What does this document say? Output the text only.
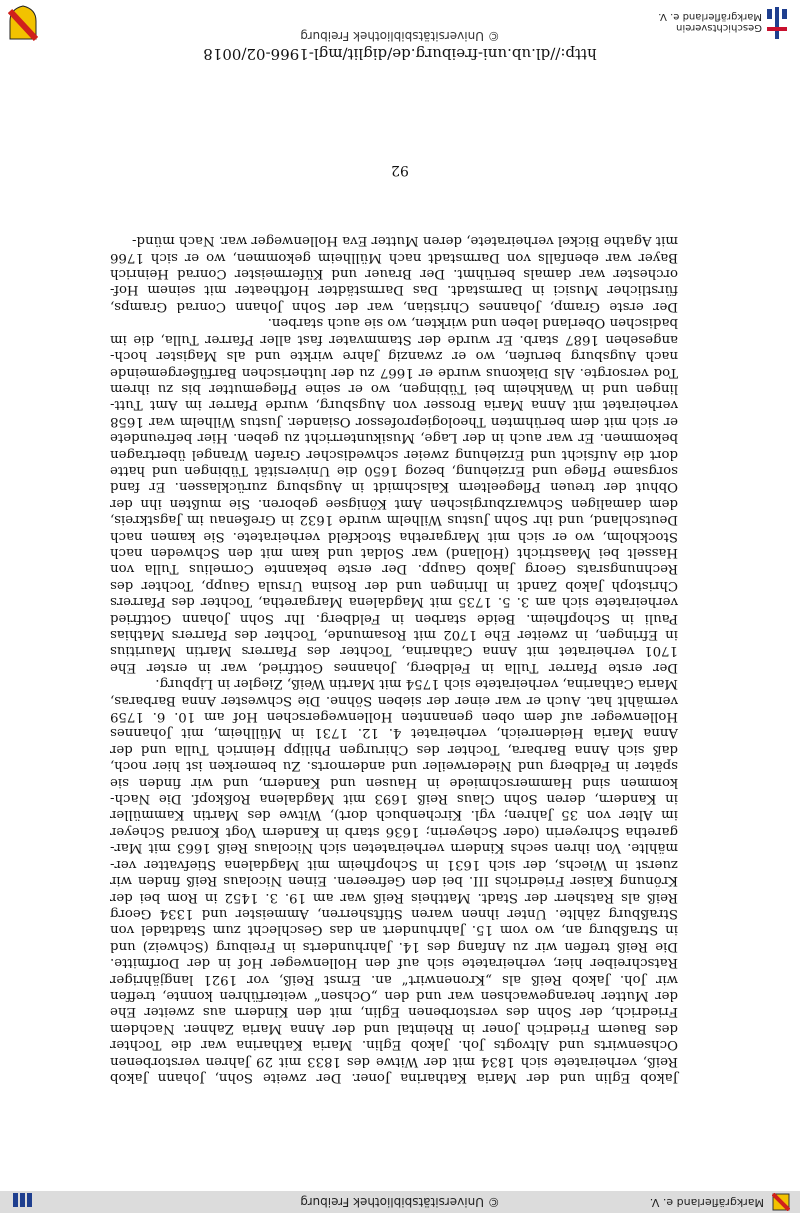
Markgräflerland e. V.
© Universitätsbibliothek Freiburg
Jakob Eglin und der Maria Katharina Joner. Der zweite Sohn, Johann Jakob
Reiß, verheiratete sich 1834 mit der Witwe des 1833 mit 29 Jahren verstorbenen
Ochsenwirts und Altvogts Joh. Jakob Eglin. Maria Katharina war die Tochter
des Bauern Friedrich Joner in Rheintal und der Anna Maria Zahner. Nachdem
Friedrich, der Sohn des verstorbenen Eglin, mit den Kindern aus zweiter Ehe
der Mutter herangewachsen war und den „Ochsen“ weiterführen konnte, treffen
wir Joh. Jakob Reiß als „Kronenwirt“ an. Ernst Reiß, vor 1921 langjähriger
Ratschreiber hier, verheiratete sich auf den Hollenweger Hof in der Dorfmitte.
Die Reiß treffen wir zu Anfang des 14. Jahrhunderts in Freiburg (Schweiz) und
in Straßburg an, wo vom 15. Jahrhundert an das Geschlecht zum Stadtadel von
Straßburg zählte. Unter ihnen waren Stiftsherren, Ammeister und 1334 Georg
Reiß als Ratsherr der Stadt. Mattheis Reiß war am 19. 3. 1452 in Rom bei der
Krönung Kaiser Friedrichs III. bei den Gefreeren. Einen Nicolaus Reiß finden wir
zuerst in Wiechs, der sich 1631 in Schopfheim mit Magdalena Stiefvatter ver-
mählte. Von ihren sechs Kindern verheirateten sich Nicolaus Reiß 1663 mit Mar-
garetha Schreyerin (oder Scheyerin; 1636 starb in Kandern Vogt Konrad Scheyer
im Alter von 35 Jahren; vgl. Kirchenbuch dort), Witwe des Martin Kammüller
in Kandern, deren Sohn Claus Reiß 1693 mit Magdalena Roßkopf. Die Nach-
kommen sind Hammerschmiede in Hausen und Kandern, und wir finden sie
später in Feldberg und Niederweiler und andernorts. Zu bemerken ist hier noch,
daß sich Anna Barbara, Tochter des Chirurgen Philipp Heinrich Tulla und der
Anna Maria Heidenreich, verheiratet 4. 12. 1731 in Müllheim, mit Johannes
Hollenweger auf dem oben genannten Hollenwegerschen Hof am 10. 6. 1759
vermählt hat. Auch er war einer der sieben Söhne. Die Schwester Anna Barbaras,
Maria Catharina, verheiratete sich 1754 mit Martin Weiß, Ziegler in Lipburg.
Der erste Pfarrer Tulla in Feldberg, Johannes Gottfried, war in erster Ehe
1701 verheiratet mit Anna Catharina, Tochter des Pfarrers Martin Mauritius
in Efringen, in zweiter Ehe 1702 mit Rosamunde, Tochter des Pfarrers Mathias
Pauli in Schopfheim. Beide starben in Feldberg. Ihr Sohn Johann Gottfried
verheiratete sich am 3. 5. 1735 mit Magdalena Margaretha, Tochter des Pfarrers
Christoph Jakob Zandt in Ihringen und der Rosina Ursula Gaupp, Tochter des
Rechnungsrats Georg Jakob Gaupp. Der erste bekannte Cornelius Tulla von
Hasselt bei Maastricht (Holland) war Soldat und kam mit den Schweden nach
Stockholm, wo er sich mit Margaretha Stockfeld verheiratete. Sie kamen nach
Deutschland, und ihr Sohn Justus Wilhelm wurde 1632 in Greßenau im Jagstkreis,
dem damaligen Schwarzburgischen Amt Königsee geboren. Sie mußten ihn der
Obhut der treuen Pflegeeltern Kalschmidt in Augsburg zurücklassen. Er fand
sorgsame Pflege und Erziehung, bezog 1650 die Universität Tübingen und hatte
dort die Aufsicht und Erziehung zweier schwedischer Grafen Wrangel übertragen
bekommen. Er war auch in der Lage, Musikunterricht zu geben. Hier befreundete
er sich mit dem berühmten Theologieprofessor Osiander. Justus Wilhelm war 1658
verheiratet mit Anna Maria Brosser von Augsburg, wurde Pfarrer im Amt Tutt-
lingen und in Wankheim bei Tübingen, wo er seine Pflegemutter bis zu ihrem
Tod versorgte. Als Diakonus wurde er 1667 zu der lutherischen Barfüßergemeinde
nach Augsburg berufen, wo er zwanzig Jahre wirkte und als Magister hoch-
angesehen 1687 starb. Er wurde der Stammvater fast aller Pfarrer Tulla, die im
badischen Oberland leben und wirkten, wo sie auch starben.
Der erste Gramp, Johannes Christian, war der Sohn Johann Conrad Gramps,
fürstlicher Musici in Darmstadt. Das Darmstädter Hoftheater mit seinem Hof-
orchester war damals berühmt. Der Brauer und Küfermeister Conrad Heinrich
Bayer war ebenfalls von Darmstadt nach Müllheim gekommen, wo er sich 1766
mit Agathe Bickel verheiratete, deren Mutter Eva Hollenweger war. Nach münd-
92
http://dl.ub.uni-freiburg.de/diglit/mgl-1966-02/0018
© Universitätsbibliothek Freiburg
Geschichtsverein
Markgräflerland e. V.
